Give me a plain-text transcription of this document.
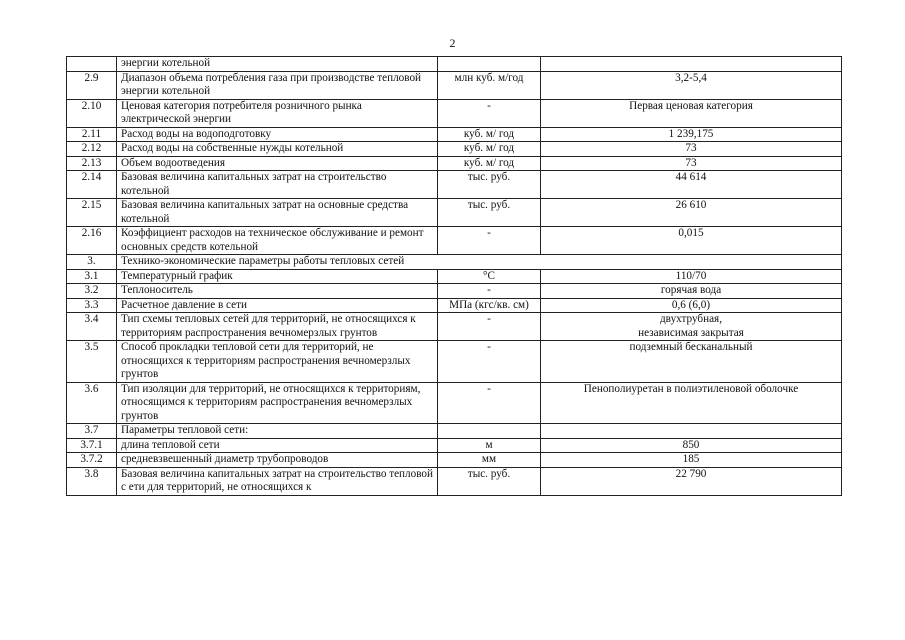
2
	энергии котельной		
2.9	Диапазон объема потребления газа при производстве тепловой энергии котельной	млн куб. м/год	3,2-5,4
2.10	Ценовая категория потребителя розничного рынка электрической энергии	-	Первая ценовая категория
2.11	Расход воды на водоподготовку	куб. м/ год	1 239,175
2.12	Расход воды на собственные нужды котельной	куб. м/ год	73
2.13	Объем водоотведения	куб. м/ год	73
2.14	Базовая величина капитальных затрат на строительство котельной	тыс. руб.	44 614
2.15	Базовая величина капитальных затрат на основные средства котельной	тыс. руб.	26 610
2.16	Коэффициент расходов на техническое обслуживание и ремонт основных средств котельной	-	0,015
3.	Технико-экономические параметры работы тепловых сетей		
3.1	Температурный график	°С	110/70
3.2	Теплоноситель	-	горячая вода
3.3	Расчетное давление в сети	МПа (кгс/кв. см)	0,6 (6,0)
3.4	Тип схемы тепловых сетей для территорий, не относящихся к территориям распространения вечномерзлых грунтов	-	двухтрубная,
независимая закрытая
3.5	Способ прокладки тепловой сети для территорий, не относящихся к территориям распространения вечномерзлых грунтов	-	подземный бесканальный
3.6	Тип изоляции для территорий, не относящихся к территориям, относящимся к территориям распространения вечномерзлых грунтов	-	Пенополиуретан в полиэтиленовой оболочке
3.7	Параметры тепловой сети:		
3.7.1	длина тепловой сети	м	850
3.7.2	средневзвешенный диаметр трубопроводов	мм	185
3.8	Базовая величина капитальных затрат на строительство тепловой с ети для территорий, не относящихся к	тыс. руб.	22 790
